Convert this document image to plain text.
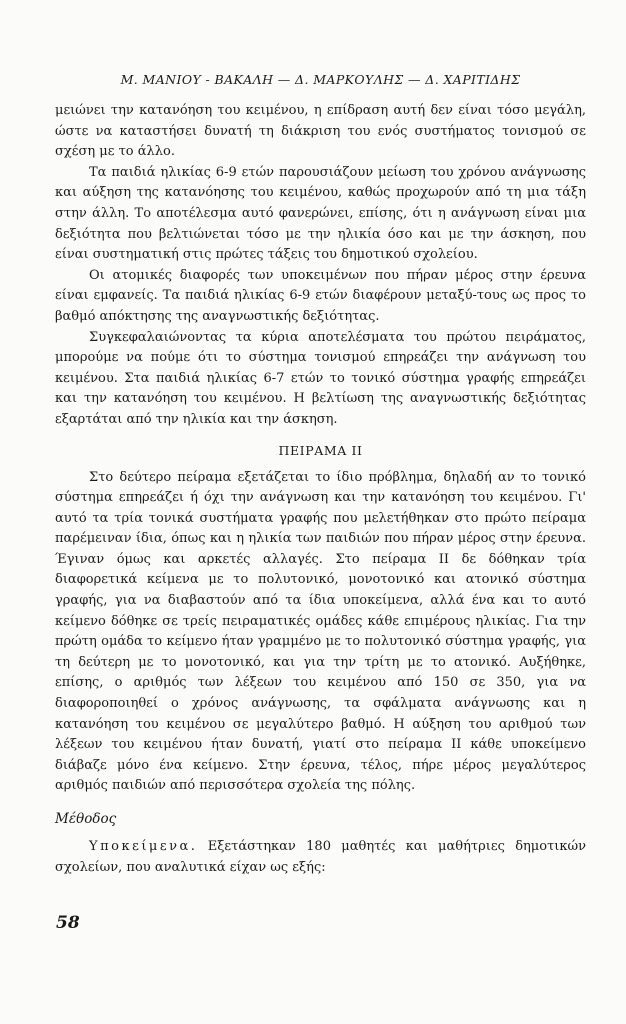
Μ. ΜΑΝΙΟΥ - ΒΑΚΑΛΗ — Δ. ΜΑΡΚΟΥΛΗΣ — Δ. ΧΑΡΙΤΙΔΗΣ

μειώνει την κατανόηση του κειμένου, η επίδραση αυτή δεν είναι τόσο μεγάλη, ώστε να καταστήσει δυνατή τη διάκριση του ενός συστήματος τονισμού σε σχέση με το άλλο.

Τα παιδιά ηλικίας 6-9 ετών παρουσιάζουν μείωση του χρόνου ανάγνωσης και αύξηση της κατανόησης του κειμένου, καθώς προχωρούν από τη μια τάξη στην άλλη. Το αποτέλεσμα αυτό φανερώνει, επίσης, ότι η ανάγνωση είναι μια δεξιότητα που βελτιώνεται τόσο με την ηλικία όσο και με την άσκηση, που είναι συστηματική στις πρώτες τάξεις του δημοτικού σχολείου.

Οι ατομικές διαφορές των υποκειμένων που πήραν μέρος στην έρευνα είναι εμφανείς. Τα παιδιά ηλικίας 6-9 ετών διαφέρουν μεταξύ-τους ως προς το βαθμό απόκτησης της αναγνωστικής δεξιότητας.

Συγκεφαλαιώνοντας τα κύρια αποτελέσματα του πρώτου πειράματος, μπορούμε να πούμε ότι το σύστημα τονισμού επηρεάζει την ανάγνωση του κειμένου. Στα παιδιά ηλικίας 6-7 ετών το τονικό σύστημα γραφής επηρεάζει και την κατανόηση του κειμένου. Η βελτίωση της αναγνωστικής δεξιότητας εξαρτάται από την ηλικία και την άσκηση.

ΠΕΙΡΑΜΑ ΙΙ

Στο δεύτερο πείραμα εξετάζεται το ίδιο πρόβλημα, δηλαδή αν το τονικό σύστημα επηρεάζει ή όχι την ανάγνωση και την κατανόηση του κειμένου. Γι' αυτό τα τρία τονικά συστήματα γραφής που μελετήθηκαν στο πρώτο πείραμα παρέμειναν ίδια, όπως και η ηλικία των παιδιών που πήραν μέρος στην έρευνα. Έγιναν όμως και αρκετές αλλαγές. Στο πείραμα ΙΙ δε δόθηκαν τρία διαφορετικά κείμενα με το πολυτονικό, μονοτονικό και ατονικό σύστημα γραφής, για να διαβαστούν από τα ίδια υποκείμενα, αλλά ένα και το αυτό κείμενο δόθηκε σε τρείς πειραματικές ομάδες κάθε επιμέρους ηλικίας. Για την πρώτη ομάδα το κείμενο ήταν γραμμένο με το πολυτονικό σύστημα γραφής, για τη δεύτερη με το μονοτονικό, και για την τρίτη με το ατονικό. Αυξήθηκε, επίσης, ο αριθμός των λέξεων του κειμένου από 150 σε 350, για να διαφοροποιηθεί ο χρόνος ανάγνωσης, τα σφάλματα ανάγνωσης και η κατανόηση του κειμένου σε μεγαλύτερο βαθμό. Η αύξηση του αριθμού των λέξεων του κειμένου ήταν δυνατή, γιατί στο πείραμα ΙΙ κάθε υποκείμενο διάβαζε μόνο ένα κείμενο. Στην έρευνα, τέλος, πήρε μέρος μεγαλύτερος αριθμός παιδιών από περισσότερα σχολεία της πόλης.

Μέθοδος

Υποκείμενα. Εξετάστηκαν 180 μαθητές και μαθήτριες δημοτικών σχολείων, που αναλυτικά είχαν ως εξής:

58
